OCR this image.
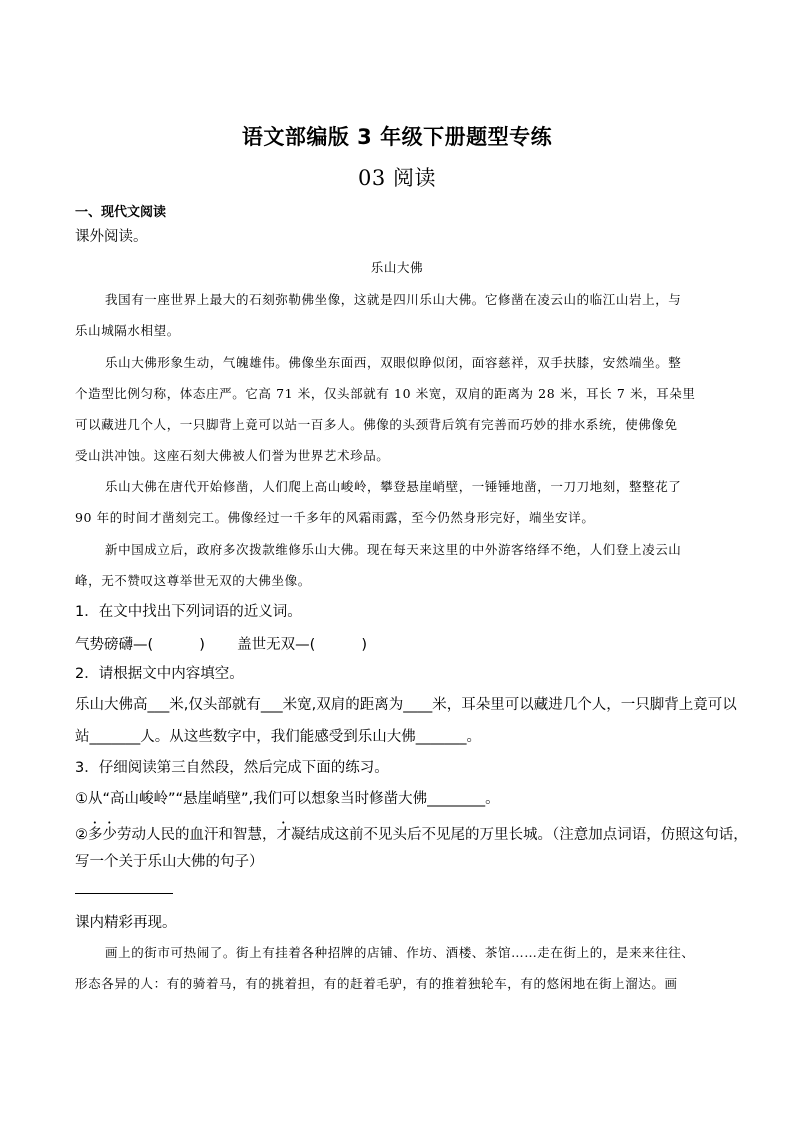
语文部编版 3 年级下册题型专练
03 阅读
一、现代文阅读
课外阅读。
乐山大佛
我国有一座世界上最大的石刻弥勒佛坐像，这就是四川乐山大佛。它修凿在凌云山的临江山岩上，与
乐山城隔水相望。
乐山大佛形象生动，气魄雄伟。佛像坐东面西，双眼似睁似闭，面容慈祥，双手扶膝，安然端坐。整
个造型比例匀称，体态庄严。它高 71 米，仅头部就有 10 米宽，双肩的距离为 28 米，耳长 7 米，耳朵里
可以藏进几个人，一只脚背上竟可以站一百多人。佛像的头颈背后筑有完善而巧妙的排水系统，使佛像免
受山洪冲蚀。这座石刻大佛被人们誉为世界艺术珍品。
乐山大佛在唐代开始修凿，人们爬上高山峻岭，攀登悬崖峭壁，一锤锤地凿，一刀刀地刻，整整花了
90 年的时间才凿刻完工。佛像经过一千多年的风霜雨露，至今仍然身形完好，端坐安详。
新中国成立后，政府多次拨款维修乐山大佛。现在每天来这里的中外游客络绎不绝，人们登上凌云山
峰，无不赞叹这尊举世无双的大佛坐像。
1．在文中找出下列词语的近义词。
气势磅礴—(          )       盖世无双—(          )
2．请根据文中内容填空。
乐山大佛高___米,仅头部就有___米宽,双肩的距离为____米，耳朵里可以藏进几个人，一只脚背上竟可以
站_______人。从这些数字中，我们能感受到乐山大佛_______。
3．仔细阅读第三自然段，然后完成下面的练习。
①从“高山峻岭”“悬崖峭壁”,我们可以想象当时修凿大佛________。
②多少劳动人民的血汗和智慧，才凝结成这前不见头后不见尾的万里长城。（注意加点词语，仿照这句话，
写一个关于乐山大佛的句子）
课内精彩再现。
画上的街市可热闹了。街上有挂着各种招牌的店铺、作坊、酒楼、茶馆……走在街上的，是来来往往、
形态各异的人：有的骑着马，有的挑着担，有的赶着毛驴，有的推着独轮车，有的悠闲地在街上溜达。画
